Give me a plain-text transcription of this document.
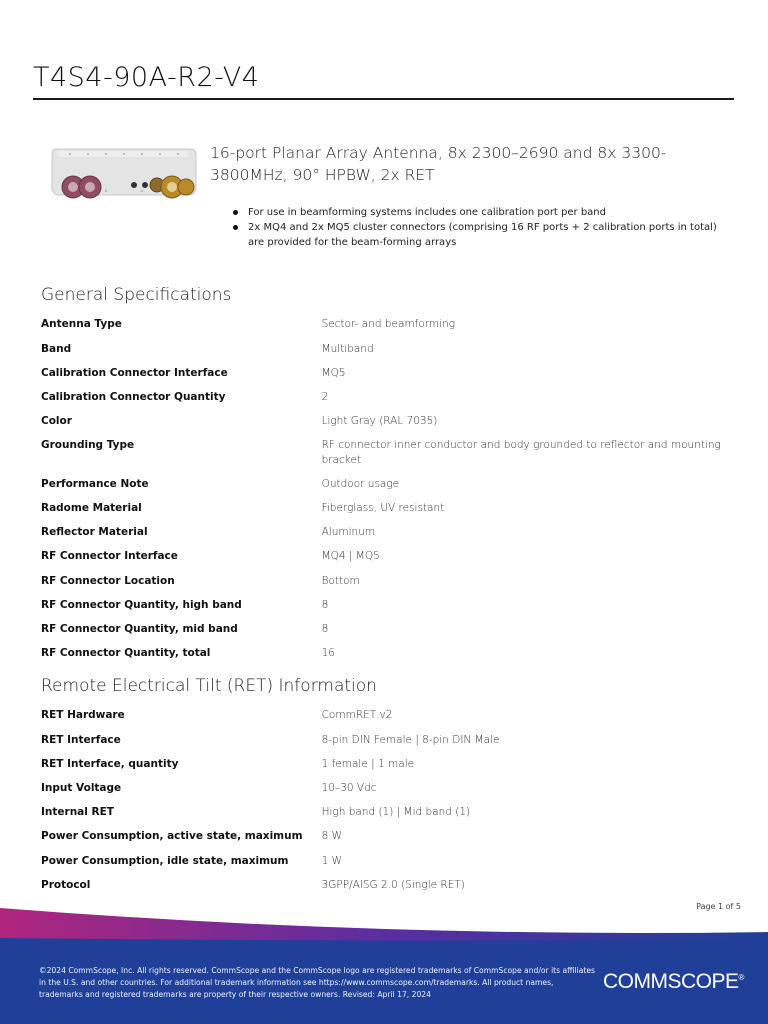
T4S4-90A-R2-V4
16-port Planar Array Antenna, 8x 2300–2690 and 8x 3300-3800MHz, 90° HPBW, 2x RET
For use in beamforming systems includes one calibration port per band
2x MQ4 and 2x MQ5 cluster connectors (comprising 16 RF ports + 2 calibration ports in total) are provided for the beam-forming arrays
General Specifications
Antenna Type	Sector- and beamforming
Band	Multiband
Calibration Connector Interface	MQ5
Calibration Connector Quantity	2
Color	Light Gray (RAL 7035)
Grounding Type	RF connector inner conductor and body grounded to reflector and mounting bracket
Performance Note	Outdoor usage
Radome Material	Fiberglass, UV resistant
Reflector Material	Aluminum
RF Connector Interface	MQ4 | MQ5
RF Connector Location	Bottom
RF Connector Quantity, high band	8
RF Connector Quantity, mid band	8
RF Connector Quantity, total	16
Remote Electrical Tilt (RET) Information
RET Hardware	CommRET v2
RET Interface	8-pin DIN Female | 8-pin DIN Male
RET Interface, quantity	1 female | 1 male
Input Voltage	10–30 Vdc
Internal RET	High band (1) | Mid band (1)
Power Consumption, active state, maximum	8 W
Power Consumption, idle state, maximum	1 W
Protocol	3GPP/AISG 2.0 (Single RET)
Page 1 of 5
©2024 CommScope, Inc. All rights reserved. CommScope and the CommScope logo are registered trademarks of CommScope and/or its affiliates in the U.S. and other countries. For additional trademark information see https://www.commscope.com/trademarks. All product names, trademarks and registered trademarks are property of their respective owners. Revised: April 17, 2024
COMMSCOPE®
